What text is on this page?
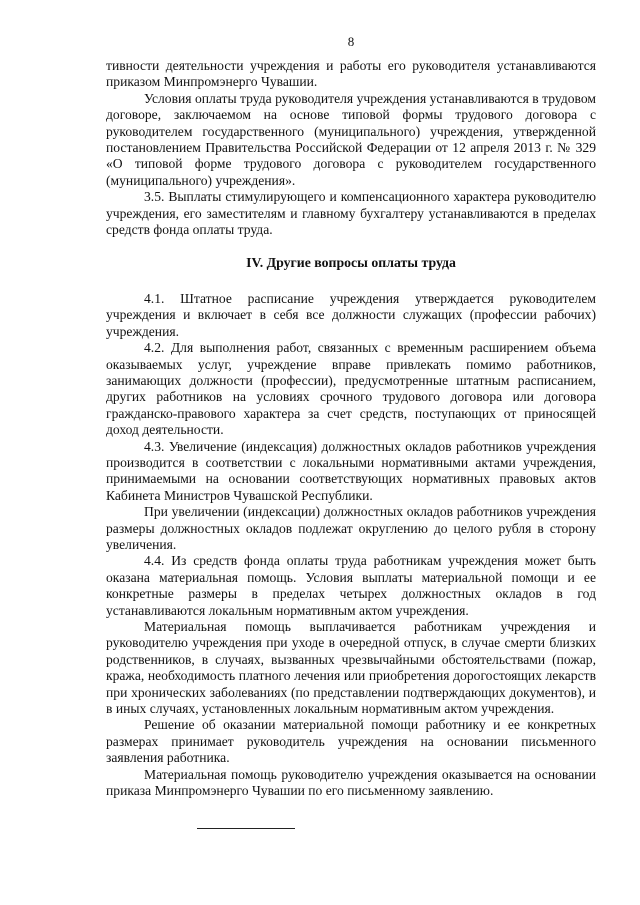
8

тивности деятельности учреждения и работы его руководителя устанавливаются приказом Минпромэнерго Чувашии.

Условия оплаты труда руководителя учреждения устанавливаются в трудовом договоре, заключаемом на основе типовой формы трудового договора с руководителем государственного (муниципального) учреждения, утвержденной постановлением Правительства Российской Федерации от 12 апреля 2013 г. № 329 «О типовой форме трудового договора с руководителем государственного (муниципального) учреждения».

3.5. Выплаты стимулирующего и компенсационного характера руководителю учреждения, его заместителям и главному бухгалтеру устанавливаются в пределах средств фонда оплаты труда.

IV. Другие вопросы оплаты труда

4.1. Штатное расписание учреждения утверждается руководителем учреждения и включает в себя все должности служащих (профессии рабочих) учреждения.

4.2. Для выполнения работ, связанных с временным расширением объема оказываемых услуг, учреждение вправе привлекать помимо работников, занимающих должности (профессии), предусмотренные штатным расписанием, других работников на условиях срочного трудового договора или договора гражданско-правового характера за счет средств, поступающих от приносящей доход деятельности.

4.3. Увеличение (индексация) должностных окладов работников учреждения производится в соответствии с локальными нормативными актами учреждения, принимаемыми на основании соответствующих нормативных правовых актов Кабинета Министров Чувашской Республики.

При увеличении (индексации) должностных окладов работников учреждения размеры должностных окладов подлежат округлению до целого рубля в сторону увеличения.

4.4. Из средств фонда оплаты труда работникам учреждения может быть оказана материальная помощь. Условия выплаты материальной помощи и ее конкретные размеры в пределах четырех должностных окладов в год устанавливаются локальным нормативным актом учреждения.

Материальная помощь выплачивается работникам учреждения и руководителю учреждения при уходе в очередной отпуск, в случае смерти близких родственников, в случаях, вызванных чрезвычайными обстоятельствами (пожар, кража, необходимость платного лечения или приобретения дорогостоящих лекарств при хронических заболеваниях (по представлении подтверждающих документов), и в иных случаях, установленных локальным нормативным актом учреждения.

Решение об оказании материальной помощи работнику и ее конкретных размерах принимает руководитель учреждения на основании письменного заявления работника.

Материальная помощь руководителю учреждения оказывается на основании приказа Минпромэнерго Чувашии по его письменному заявлению.
